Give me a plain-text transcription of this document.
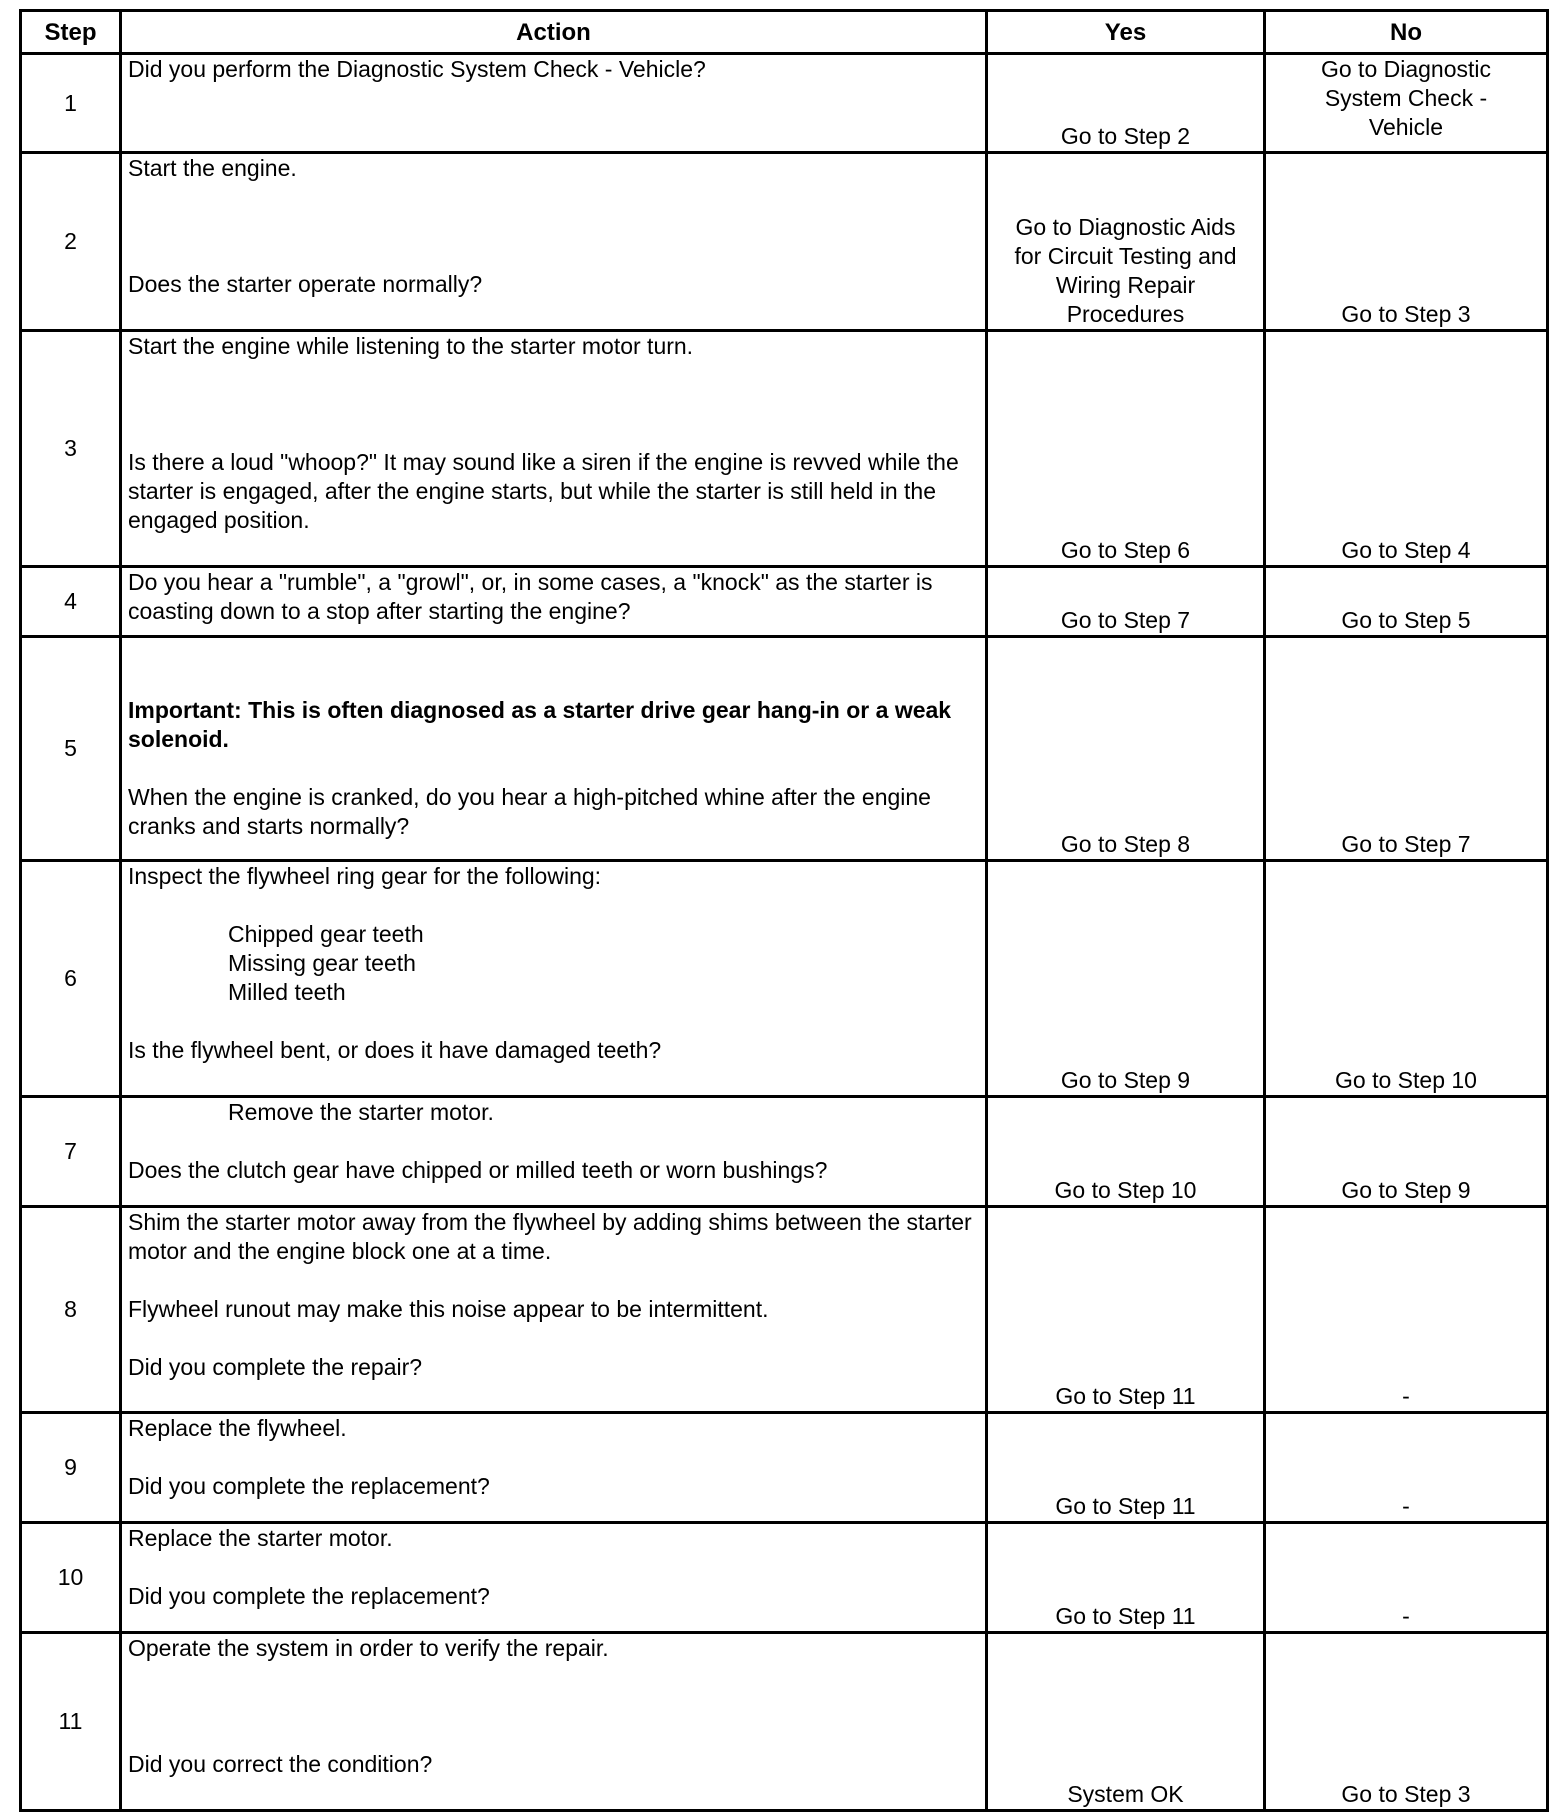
Step	Action	Yes	No
1	Did you perform the Diagnostic System Check - Vehicle?	Go to Step 2	Go to Diagnostic System Check - Vehicle
2	Start the engine.
Does the starter operate normally?	Go to Diagnostic Aids for Circuit Testing and Wiring Repair Procedures	Go to Step 3
3	Start the engine while listening to the starter motor turn.
Is there a loud "whoop?" It may sound like a siren if the engine is revved while the starter is engaged, after the engine starts, but while the starter is still held in the engaged position.	Go to Step 6	Go to Step 4
4	Do you hear a "rumble", a "growl", or, in some cases, a "knock" as the starter is coasting down to a stop after starting the engine?	Go to Step 7	Go to Step 5
5	Important: This is often diagnosed as a starter drive gear hang-in or a weak solenoid.
When the engine is cranked, do you hear a high-pitched whine after the engine cranks and starts normally?	Go to Step 8	Go to Step 7
6	Inspect the flywheel ring gear for the following:
Chipped gear teeth
Missing gear teeth
Milled teeth
Is the flywheel bent, or does it have damaged teeth?	Go to Step 9	Go to Step 10
7	Remove the starter motor.
Does the clutch gear have chipped or milled teeth or worn bushings?	Go to Step 10	Go to Step 9
8	Shim the starter motor away from the flywheel by adding shims between the starter motor and the engine block one at a time.
Flywheel runout may make this noise appear to be intermittent.
Did you complete the repair?	Go to Step 11	-
9	Replace the flywheel.
Did you complete the replacement?	Go to Step 11	-
10	Replace the starter motor.
Did you complete the replacement?	Go to Step 11	-
11	Operate the system in order to verify the repair.
Did you correct the condition?	System OK	Go to Step 3
